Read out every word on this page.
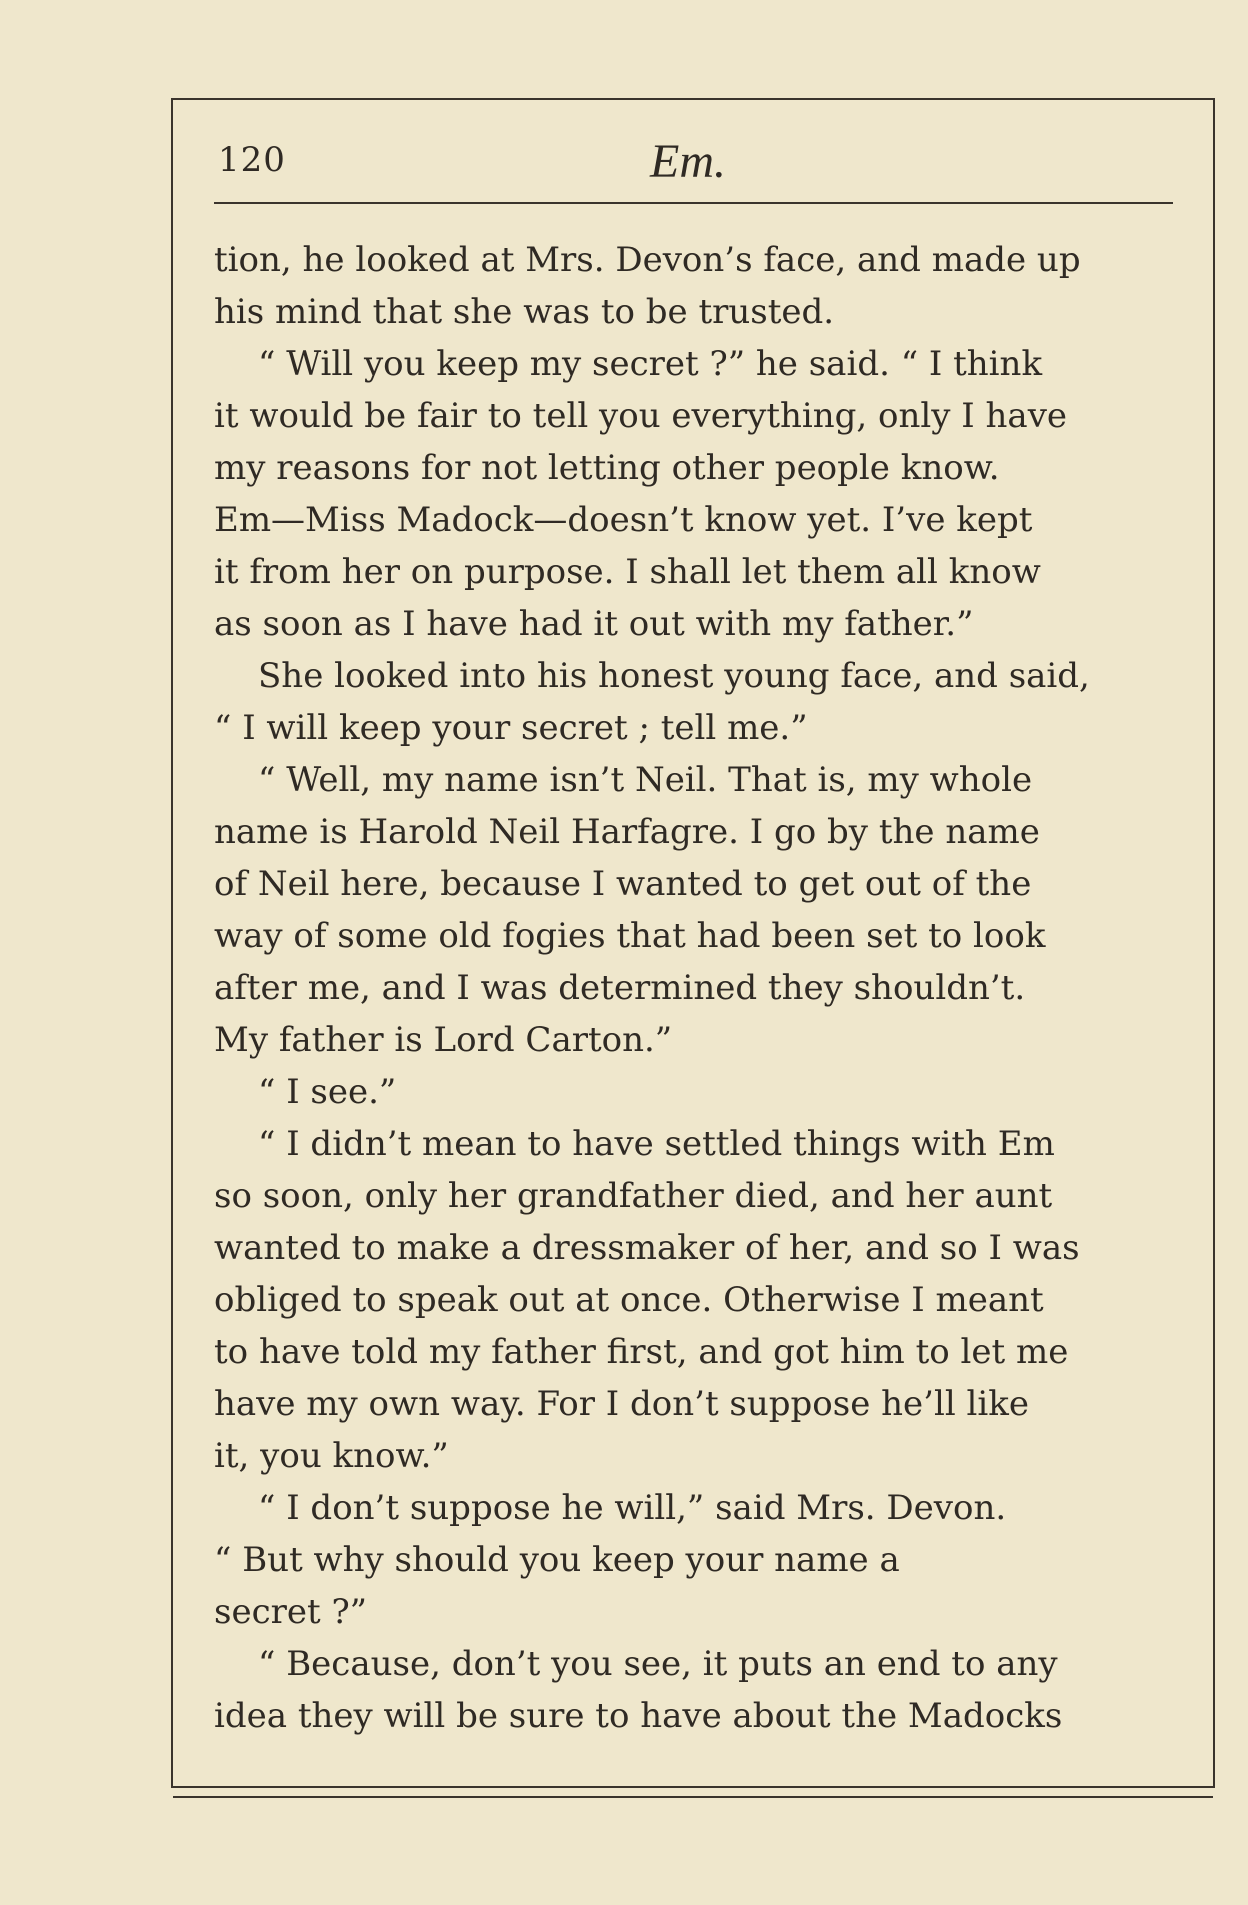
120	Em.
tion, he looked at Mrs. Devon’s face, and made up
his mind that she was to be trusted.
“ Will you keep my secret ?” he said. “ I think
it would be fair to tell you everything, only I have
my reasons for not letting other people know.
Em—Miss Madock—doesn’t know yet. I’ve kept
it from her on purpose. I shall let them all know
as soon as I have had it out with my father.”
She looked into his honest young face, and said,
“ I will keep your secret ; tell me.”
“ Well, my name isn’t Neil. That is, my whole
name is Harold Neil Harfagre. I go by the name
of Neil here, because I wanted to get out of the
way of some old fogies that had been set to look
after me, and I was determined they shouldn’t.
My father is Lord Carton.”
“ I see.”
“ I didn’t mean to have settled things with Em
so soon, only her grandfather died, and her aunt
wanted to make a dressmaker of her, and so I was
obliged to speak out at once. Otherwise I meant
to have told my father first, and got him to let me
have my own way. For I don’t suppose he’ll like
it, you know.”
“ I don’t suppose he will,” said Mrs. Devon.
“ But why should you keep your name a
secret ?”
“ Because, don’t you see, it puts an end to any
idea they will be sure to have about the Madocks
